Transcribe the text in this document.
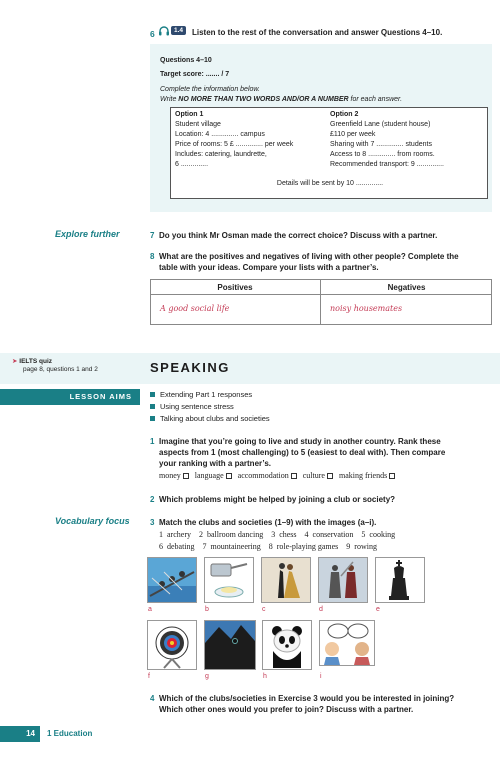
6	1.4	Listen to the rest of the conversation and answer Questions 4–10.
Questions 4–10
Target score: ....... / 7
Complete the information below.
Write NO MORE THAN TWO WORDS AND/OR A NUMBER for each answer.
Option 1
Student village
Location: 4 .............. campus
Price of rooms: 5 £ .............. per week
Includes: catering, laundrette,
6 ..............
Option 2
Greenfield Lane (student house)
£110 per week
Sharing with 7 .............. students
Access to 8 .............. from rooms.
Recommended transport: 9 ..............
Details will be sent by 10 ..............
Explore further	7 Do you think Mr Osman made the correct choice? Discuss with a partner.
8 What are the positives and negatives of living with other people? Complete the
table with your ideas. Compare your lists with a partner’s.
Positives	Negatives
A good social life	noisy housemates
➤ IELTS quiz
page 8, questions 1 and 2	SPEAKING
LESSON AIMS	Extending Part 1 responses
Using sentence stress
Talking about clubs and societies
1 Imagine that you’re going to live and study in another country. Rank these
aspects from 1 (most challenging) to 5 (easiest to deal with). Then compare
your ranking with a partner’s.
money language accommodation culture making friends
2 Which problems might be helped by joining a club or society?
Vocabulary focus	3 Match the clubs and societies (1–9) with the images (a–i).
1  archery    2  ballroom dancing    3  chess    4  conservation    5  cooking
6  debating    7  mountaineering    8  role-playing games    9  rowing
a	b	c	d	e
f	g	h	i
4 Which of the clubs/societies in Exercise 3 would you be interested in joining?
Which other ones would you prefer to join? Discuss with a partner.
14	1 Education
